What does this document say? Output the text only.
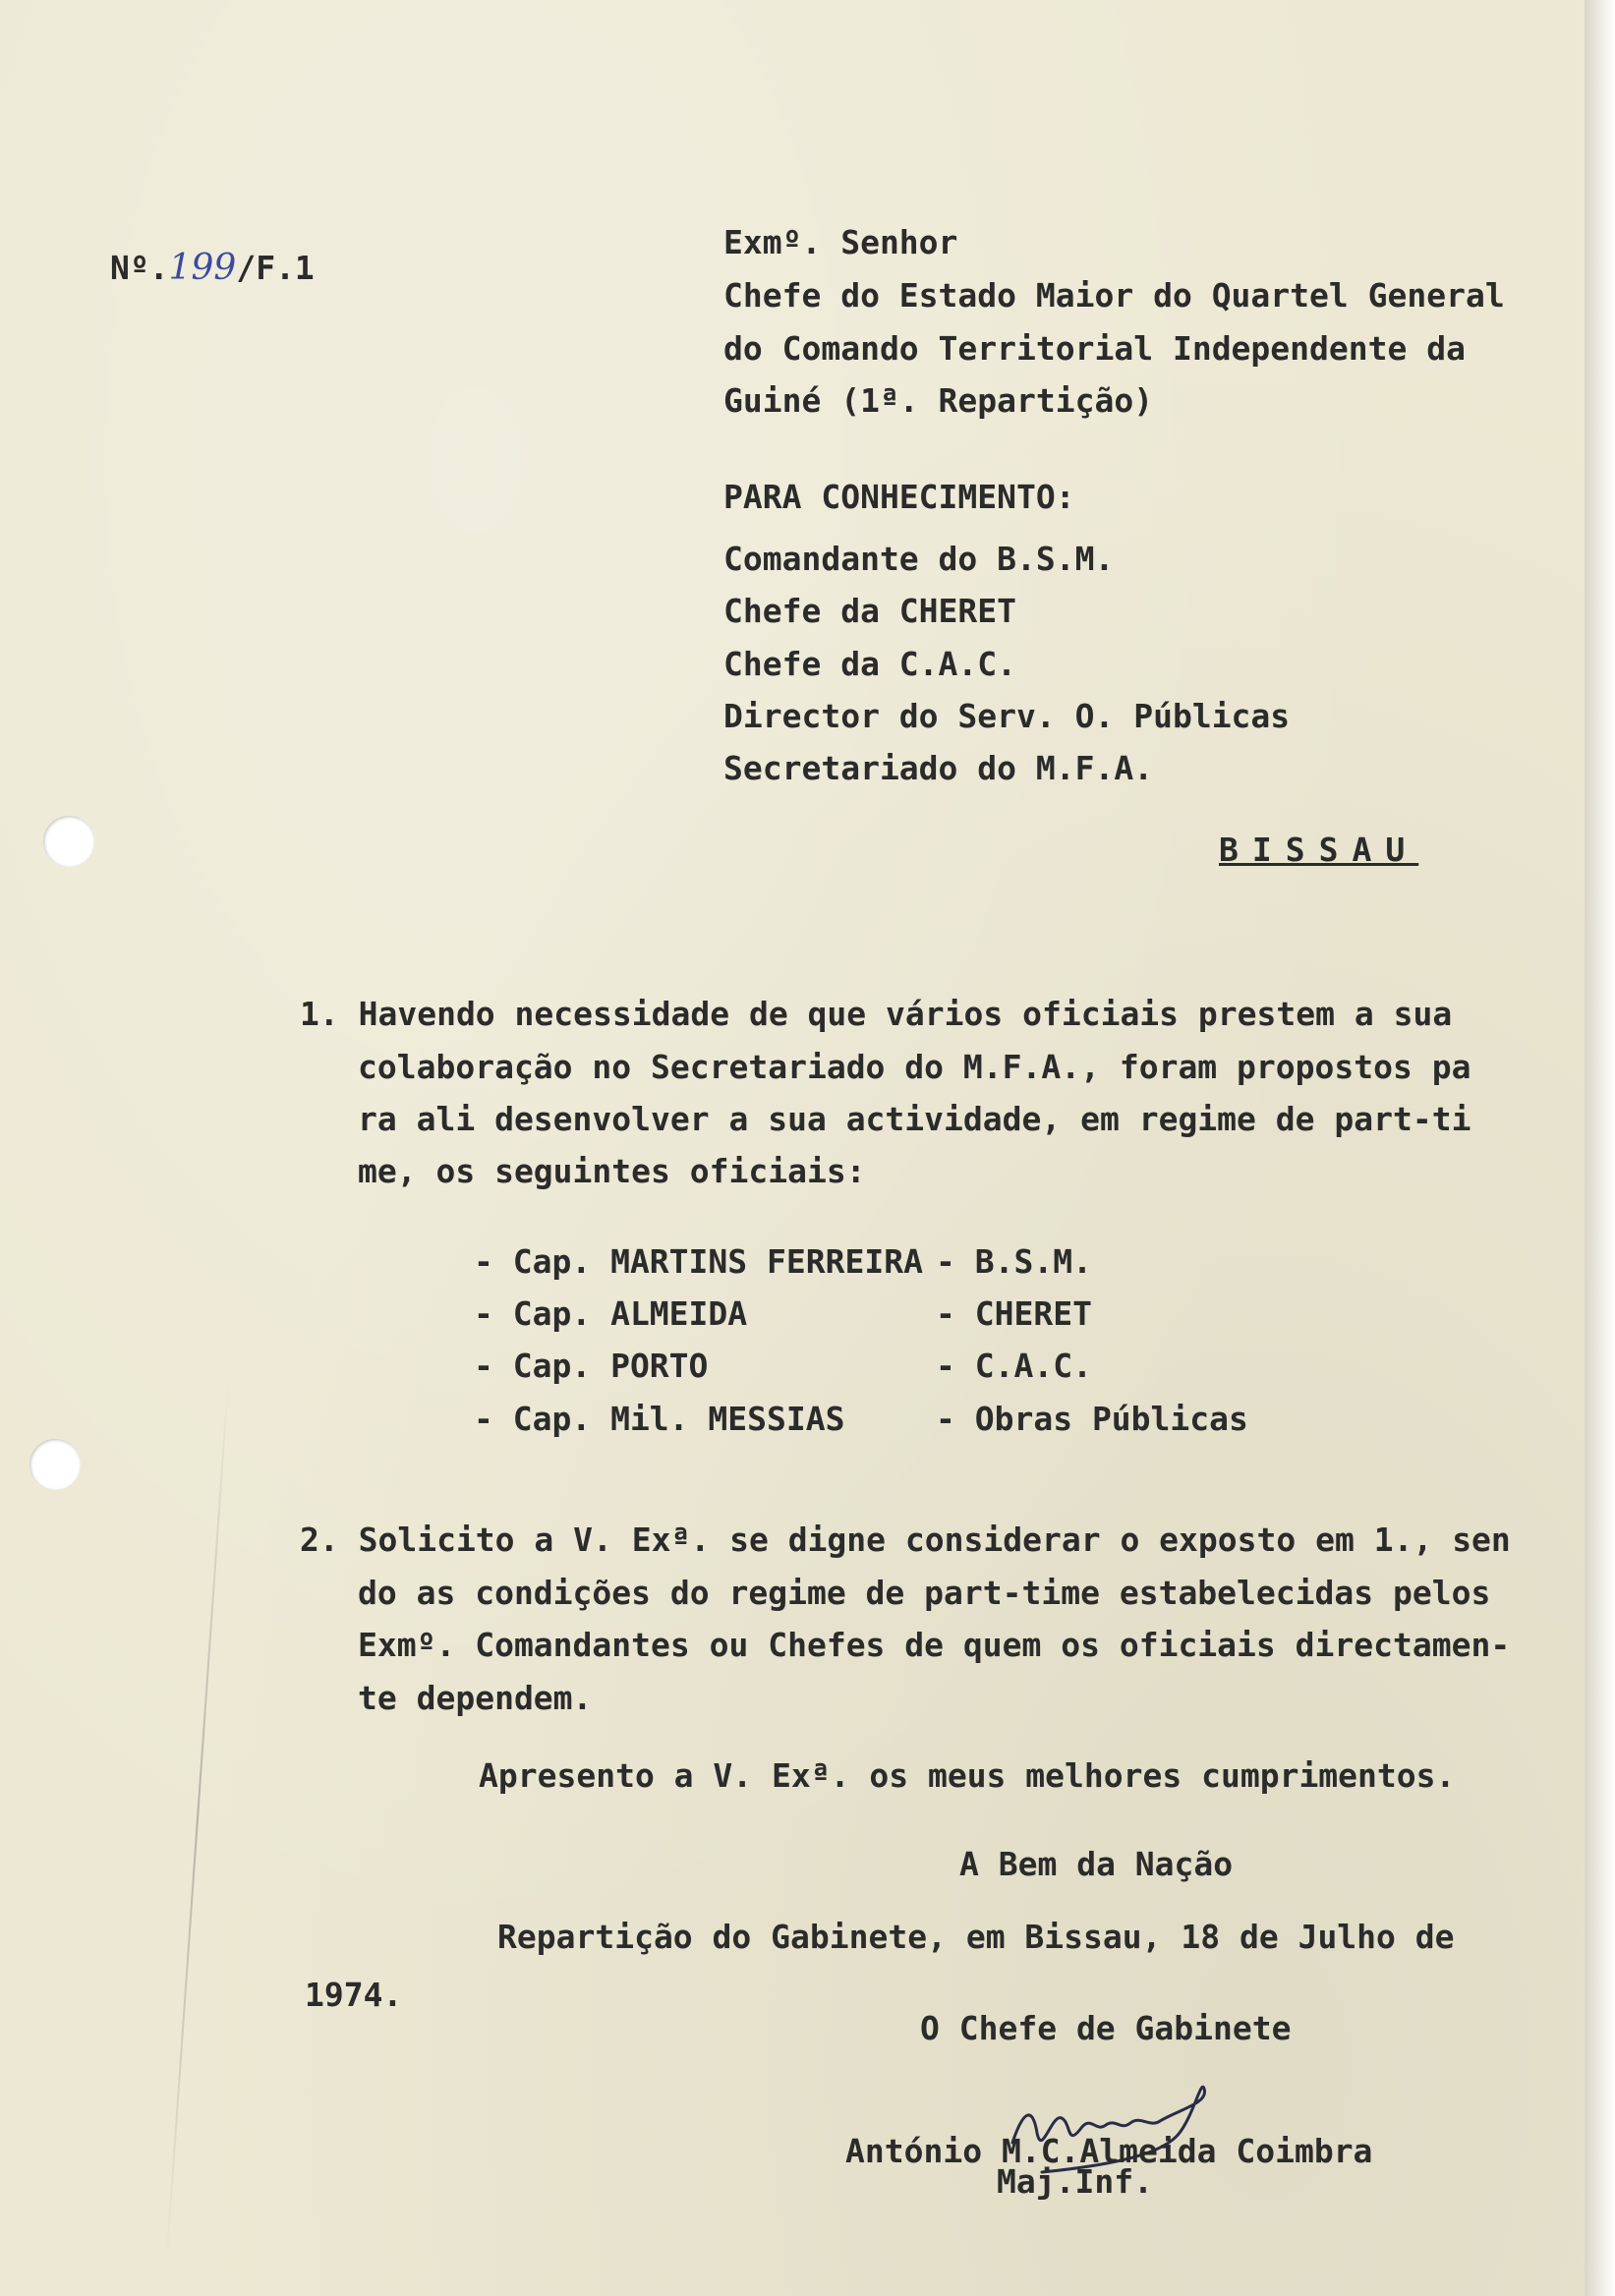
Nº.199/F.1

Exmº. Senhor

Chefe do Estado Maior do Quartel General

do Comando Territorial Independente da

Guiné (1ª. Repartição)

PARA CONHECIMENTO:

Comandante do B.S.M.

Chefe da CHERET

Chefe da C.A.C.

Director do Serv. O. Públicas

Secretariado do M.F.A.

BISSAU

1. Havendo necessidade de que vários oficiais prestem a sua

colaboração no Secretariado do M.F.A., foram propostos pa

ra ali desenvolver a sua actividade, em regime de part-ti

me, os seguintes oficiais:

- Cap. MARTINS FERREIRA - B.S.M.
- Cap. ALMEIDA	- CHERET
- Cap. PORTO	- C.A.C.
- Cap. Mil. MESSIAS	- Obras Públicas

2. Solicito a V. Exª. se digne considerar o exposto em 1., sen

do as condições do regime de part-time estabelecidas pelos

Exmº. Comandantes ou Chefes de quem os oficiais directamen-

te dependem.

Apresento a V. Exª. os meus melhores cumprimentos.

A Bem da Nação

Repartição do Gabinete, em Bissau, 18 de Julho de

1974.

O Chefe de Gabinete

António M.C.Almeida Coimbra

Maj.Inf.
